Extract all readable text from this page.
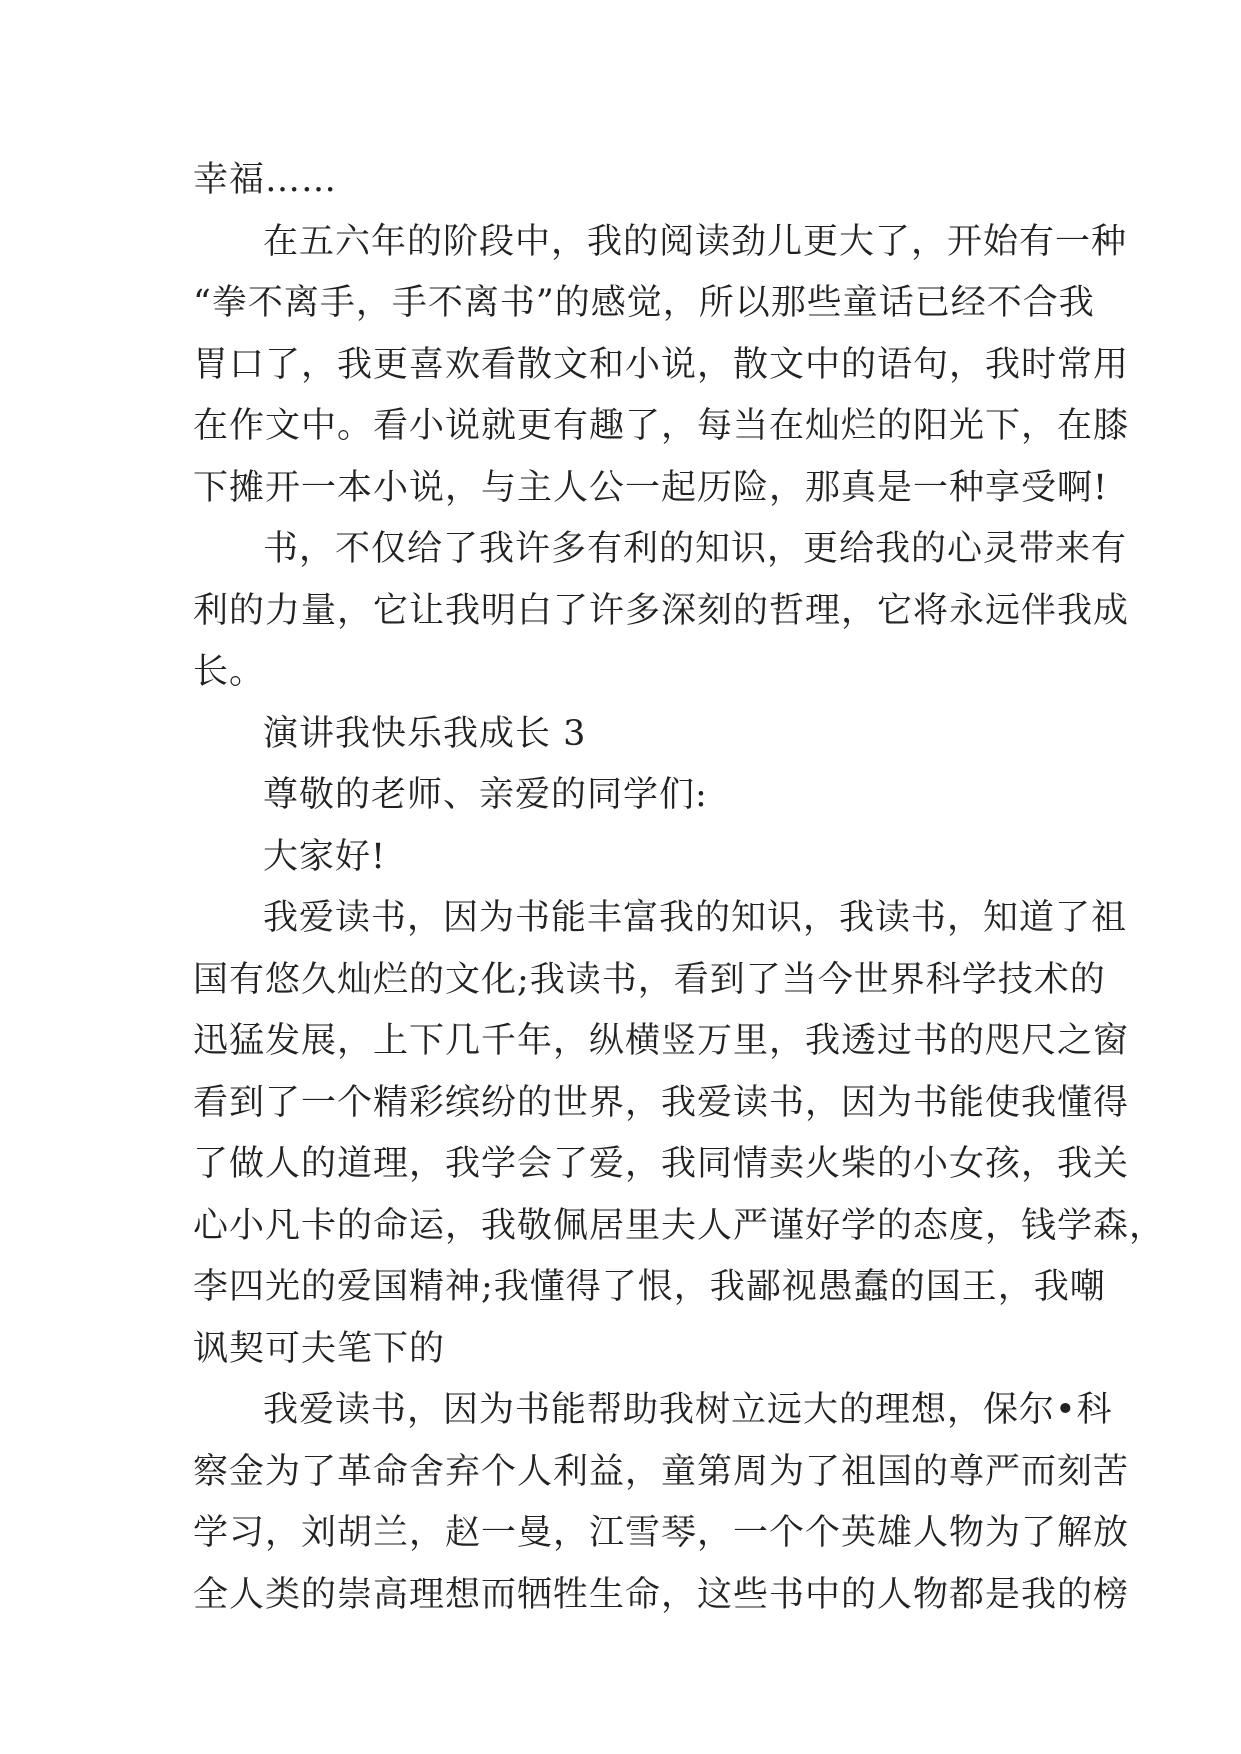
幸福……
在五六年的阶段中，我的阅读劲儿更大了，开始有一种
“拳不离手，手不离书”的感觉，所以那些童话已经不合我
胃口了，我更喜欢看散文和小说，散文中的语句，我时常用
在作文中。看小说就更有趣了，每当在灿烂的阳光下，在膝
下摊开一本小说，与主人公一起历险，那真是一种享受啊!
书，不仅给了我许多有利的知识，更给我的心灵带来有
利的力量，它让我明白了许多深刻的哲理，它将永远伴我成
长。
演讲我快乐我成长 3
尊敬的老师、亲爱的同学们:
大家好!
我爱读书，因为书能丰富我的知识，我读书，知道了祖
国有悠久灿烂的文化;我读书，看到了当今世界科学技术的
迅猛发展，上下几千年，纵横竖万里，我透过书的咫尺之窗
看到了一个精彩缤纷的世界，我爱读书，因为书能使我懂得
了做人的道理，我学会了爱，我同情卖火柴的小女孩，我关
心小凡卡的命运，我敬佩居里夫人严谨好学的态度，钱学森，
李四光的爱国精神;我懂得了恨，我鄙视愚蠢的国王，我嘲
讽契可夫笔下的
我爱读书，因为书能帮助我树立远大的理想，保尔•科
察金为了革命舍弃个人利益，童第周为了祖国的尊严而刻苦
学习，刘胡兰，赵一曼，江雪琴，一个个英雄人物为了解放
全人类的崇高理想而牺牲生命，这些书中的人物都是我的榜
